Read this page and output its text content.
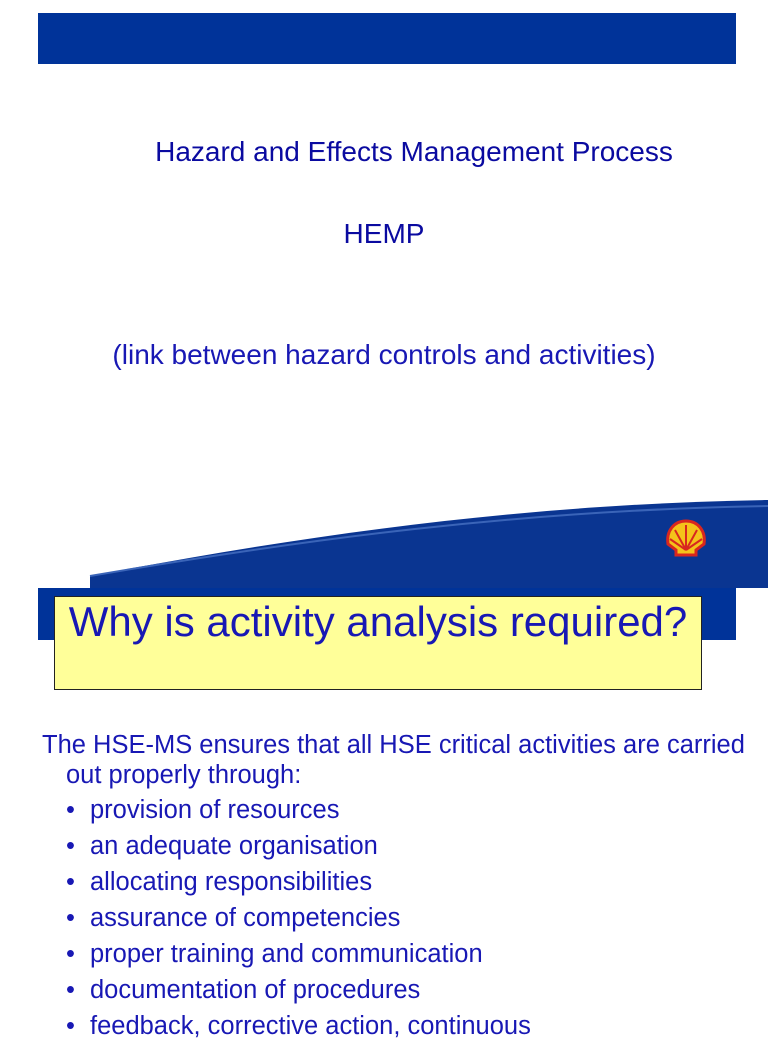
Hazard and Effects Management Process
HEMP
(link between hazard controls and activities)
Why is activity analysis required?
The HSE-MS ensures that all HSE critical activities are carried out properly through:
• provision of resources
• an adequate organisation
• allocating responsibilities
• assurance of competencies
• proper training and communication
• documentation of procedures
• feedback, corrective action, continuous
